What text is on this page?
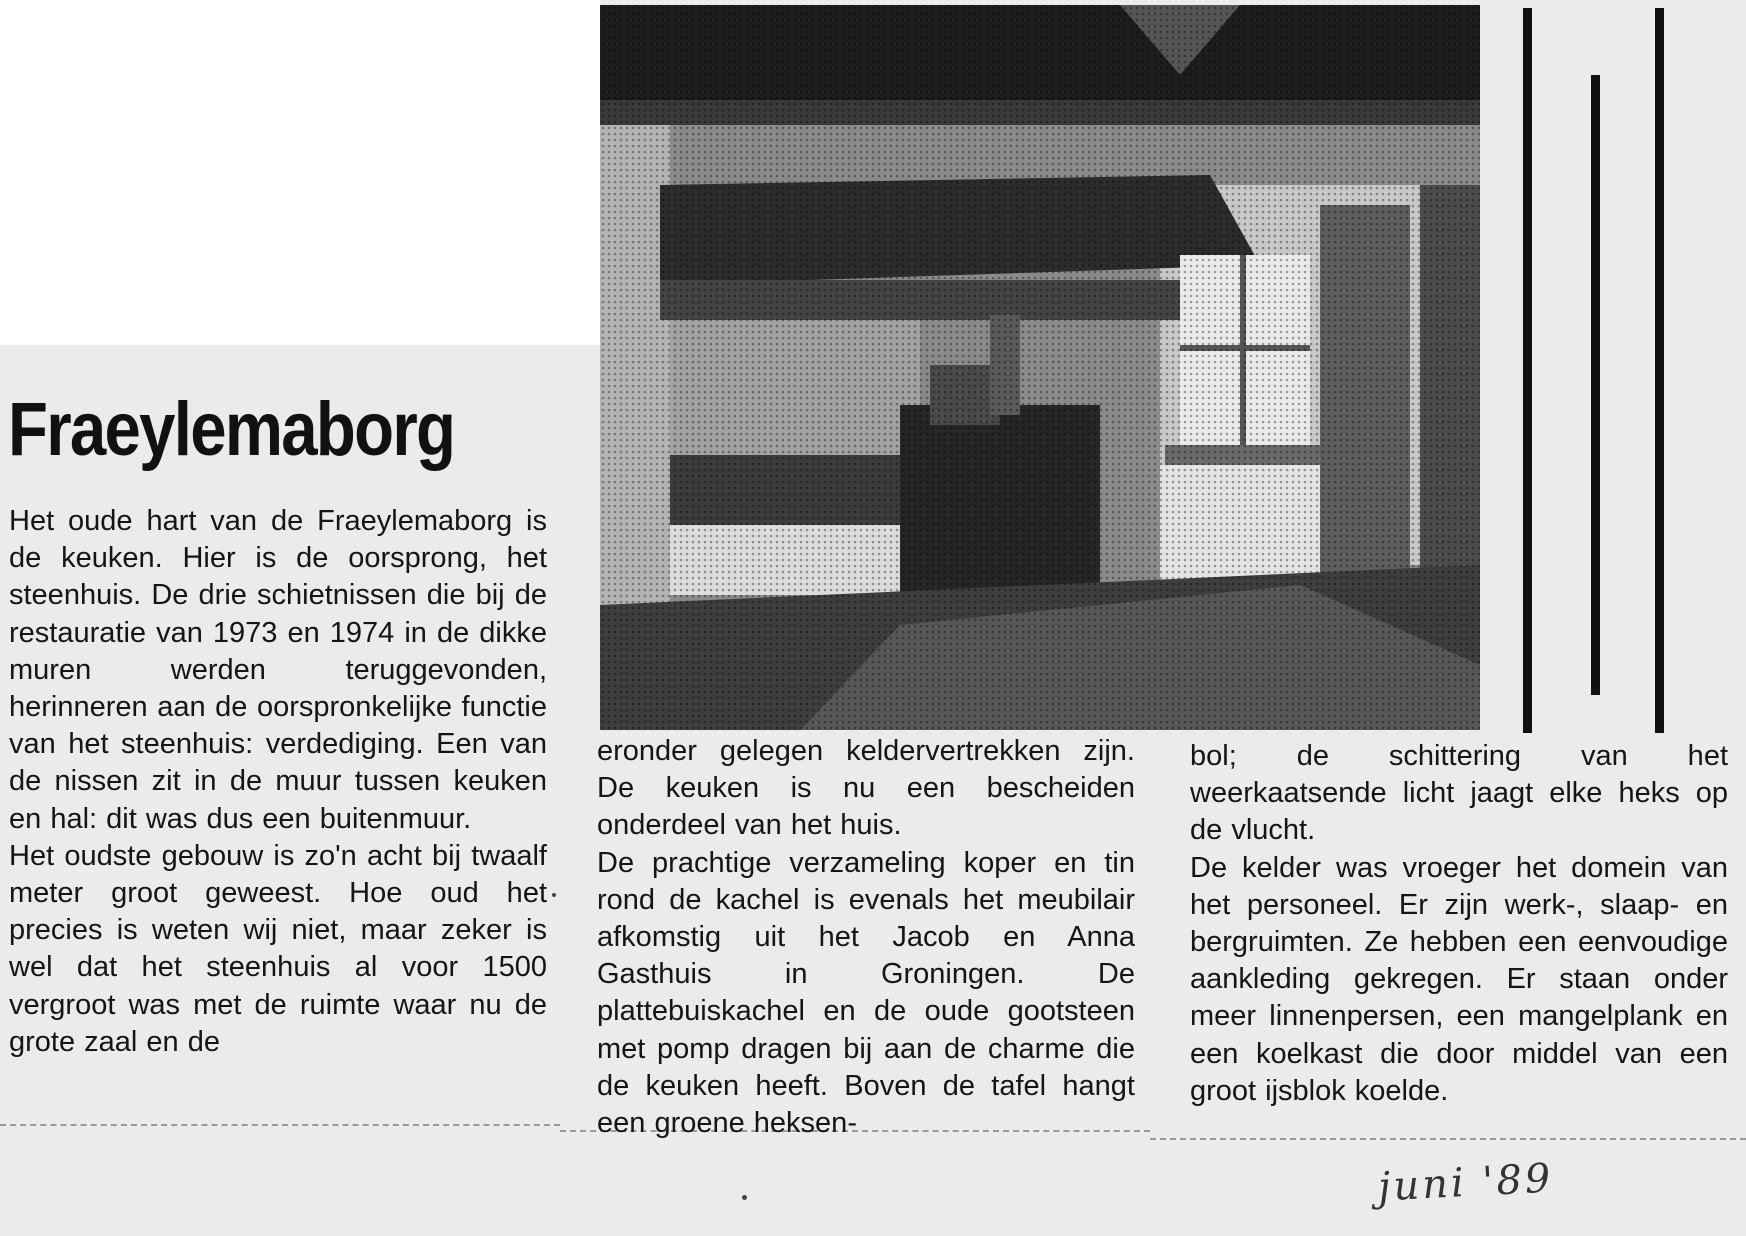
Fraeylemaborg

Het oude hart van de Fraeylemaborg is de keuken. Hier is de oorsprong, het steenhuis. De drie schietnissen die bij de restauratie van 1973 en 1974 in de dikke muren werden teruggevonden, herinneren aan de oorspronkelijke functie van het steenhuis: verdediging. Een van de nissen zit in de muur tussen keuken en hal: dit was dus een buitenmuur.

Het oudste gebouw is zo'n acht bij twaalf meter groot geweest. Hoe oud het precies is weten wij niet, maar zeker is wel dat het steenhuis al voor 1500 vergroot was met de ruimte waar nu de grote zaal en de

eronder gelegen keldervertrekken zijn. De keuken is nu een bescheiden onderdeel van het huis.

De prachtige verzameling koper en tin rond de kachel is evenals het meubilair afkomstig uit het Jacob en Anna Gasthuis in Groningen. De plattebuiskachel en de oude gootsteen met pomp dragen bij aan de charme die de keuken heeft. Boven de tafel hangt een groene heksen-

bol; de schittering van het weerkaatsende licht jaagt elke heks op de vlucht.

De kelder was vroeger het domein van het personeel. Er zijn werk-, slaap- en bergruimten. Ze hebben een eenvoudige aankleding gekregen. Er staan onder meer linnenpersen, een mangelplank en een koelkast die door middel van een groot ijsblok koelde.

juni '89
